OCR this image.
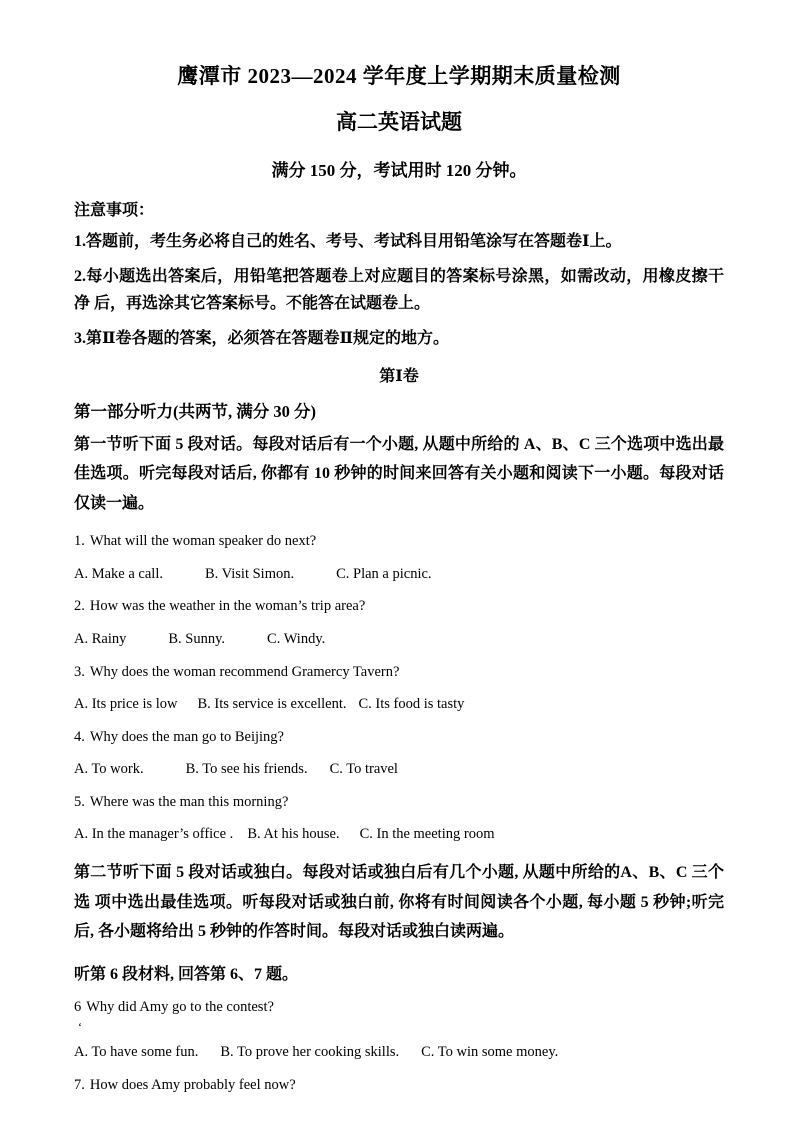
鹰潭市 2023—2024 学年度上学期期末质量检测
高二英语试题
满分 150 分，考试用时 120 分钟。
注意事项：
1.答题前，考生务必将自己的姓名、考号、考试科目用铅笔涂写在答题卷Ⅰ上。
2.每小题选出答案后，用铅笔把答题卷上对应题目的答案标号涂黑，如需改动，用橡皮擦干净 后，再选涂其它答案标号。不能答在试题卷上。
3.第Ⅱ卷各题的答案，必须答在答题卷Ⅱ规定的地方。
第Ⅰ卷
第一部分听力(共两节, 满分 30 分)
第一节听下面 5 段对话。每段对话后有一个小题, 从题中所给的 A、B、C 三个选项中选出最佳选项。听完每段对话后, 你都有 10 秒钟的时间来回答有关小题和阅读下一小题。每段对话仅读一遍。
1. What will the woman speaker do next?
A. Make a call.	B. Visit Simon.	C. Plan a picnic.
2. How was the weather in the woman’s trip area?
A. Rainy	B. Sunny.	C. Windy.
3. Why does the woman recommend Gramercy Tavern?
A. Its price is low B. Its service is excellent. C. Its food is tasty
4. Why does the man go to Beijing?
A. To work.	B. To see his friends. C. To travel
5. Where was the man this morning?
A. In the manager’s office . B. At his house. C. In the meeting room
第二节听下面 5 段对话或独白。每段对话或独白后有几个小题, 从题中所给的A、B、C 三个选 项中选出最佳选项。听每段对话或独白前, 你将有时间阅读各个小题, 每小题 5 秒钟;听完 后, 各小题将给出 5 秒钟的作答时间。每段对话或独白读两遍。
听第 6 段材料, 回答第 6、7 题。
6 Why did Amy go to the contest?
‘
A. To have some fun. B. To prove her cooking skills. C. To win some money.
7. How does Amy probably feel now?
